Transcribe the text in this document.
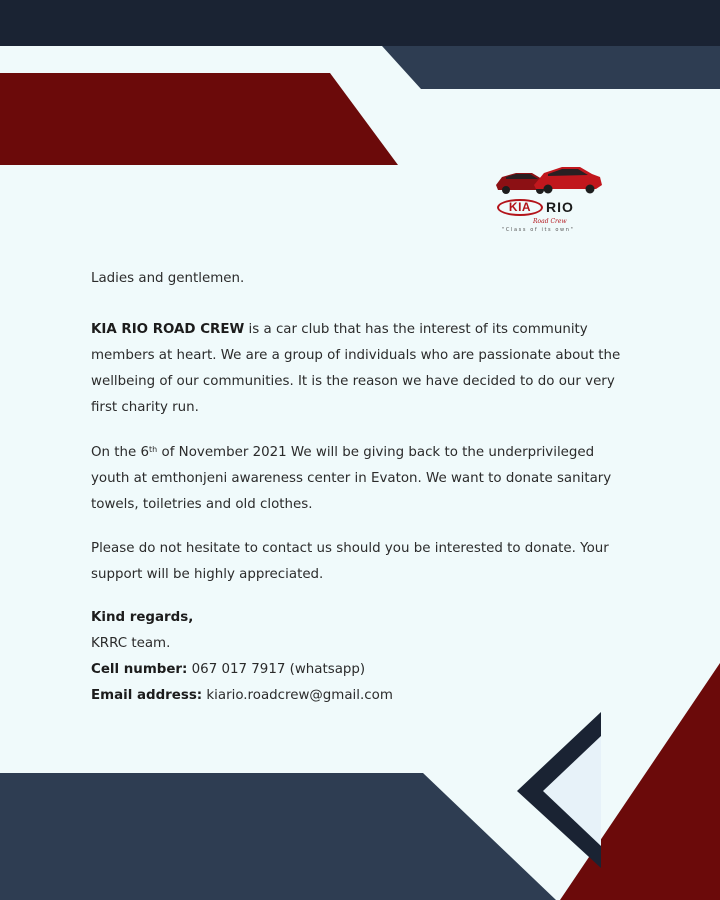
KIA	RIO
Road Crew
"Class of its own"

Ladies and gentlemen.

KIA RIO ROAD CREW is a car club that has the interest of its community members at heart. We are a group of individuals who are passionate about the wellbeing of our communities. It is the reason we have decided to do our very first charity run.

On the 6th of November 2021 We will be giving back to the underprivileged youth at emthonjeni awareness center in Evaton. We want to donate sanitary towels, toiletries and old clothes.

Please do not hesitate to contact us should you be interested to donate. Your support will be highly appreciated.

Kind regards,
KRRC team.
Cell number: 067 017 7917 (whatsapp)
Email address: kiario.roadcrew@gmail.com
